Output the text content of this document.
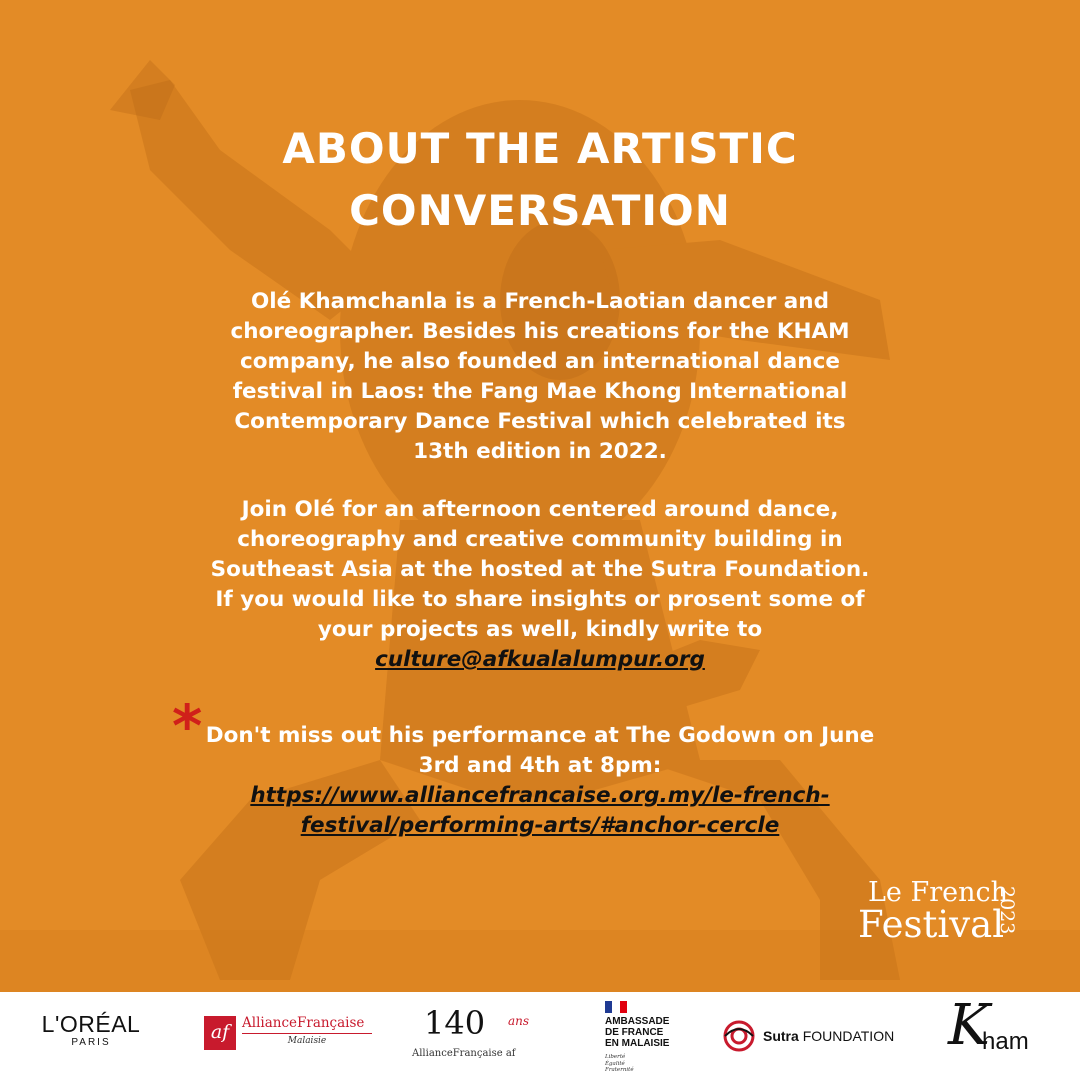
ABOUT THE ARTISTIC
CONVERSATION
Olé Khamchanla is a French-Laotian dancer and
choreographer. Besides his creations for the KHAM
company, he also founded an international dance
festival in Laos: the Fang Mae Khong International
Contemporary Dance Festival which celebrated its
13th edition in 2022.
Join Olé for an afternoon centered around dance,
choreography and creative community building in
Southeast Asia at the hosted at the Sutra Foundation.
If you would like to share insights or prosent some of
your projects as well, kindly write to
culture@afkualalumpur.org
* Don't miss out his performance at The Godown on June
3rd and 4th at 8pm:
https://www.alliancefrancaise.org.my/le-french-
festival/performing-arts/#anchor-cercle
Le French
Festival
2023
L'ORÉAL
PARIS	af AllianceFrançaise
Malaisie	140 ans
AllianceFrançaise af
AMBASSADE
DE FRANCE
EN MALAISIE
Liberté
Égalité
Fraternité
Sutra FOUNDATION K
ham
